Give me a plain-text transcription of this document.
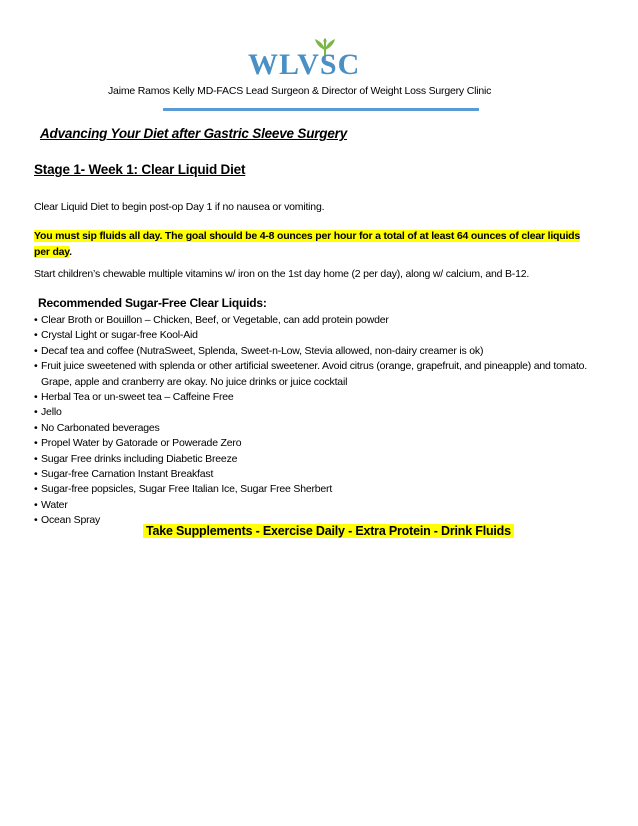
WLVSC
Jaime Ramos Kelly MD-FACS Lead Surgeon & Director of Weight Loss Surgery Clinic
Advancing Your Diet after Gastric Sleeve Surgery
Stage 1- Week 1: Clear Liquid Diet
Clear Liquid Diet to begin post-op Day 1 if no nausea or vomiting.
You must sip fluids all day. The goal should be 4-8 ounces per hour for a total of at least 64 ounces of clear liquids per day.
Start children’s chewable multiple vitamins w/ iron on the 1st day home (2 per day), along w/ calcium, and B-12.
Recommended Sugar-Free Clear Liquids:
• Clear Broth or Bouillon – Chicken, Beef, or Vegetable, can add protein powder
• Crystal Light or sugar-free Kool-Aid
• Decaf tea and coffee (NutraSweet, Splenda, Sweet-n-Low, Stevia allowed, non-dairy creamer is ok)
• Fruit juice sweetened with splenda or other artificial sweetener. Avoid citrus (orange, grapefruit, and pineapple) and tomato. Grape, apple and cranberry are okay. No juice drinks or juice cocktail
• Herbal Tea or un-sweet tea – Caffeine Free
• Jello
• No Carbonated beverages
• Propel Water by Gatorade or Powerade Zero
• Sugar Free drinks including Diabetic Breeze
• Sugar-free Carnation Instant Breakfast
• Sugar-free popsicles, Sugar Free Italian Ice, Sugar Free Sherbert
• Water
• Ocean Spray
Take Supplements - Exercise Daily - Extra Protein - Drink Fluids
